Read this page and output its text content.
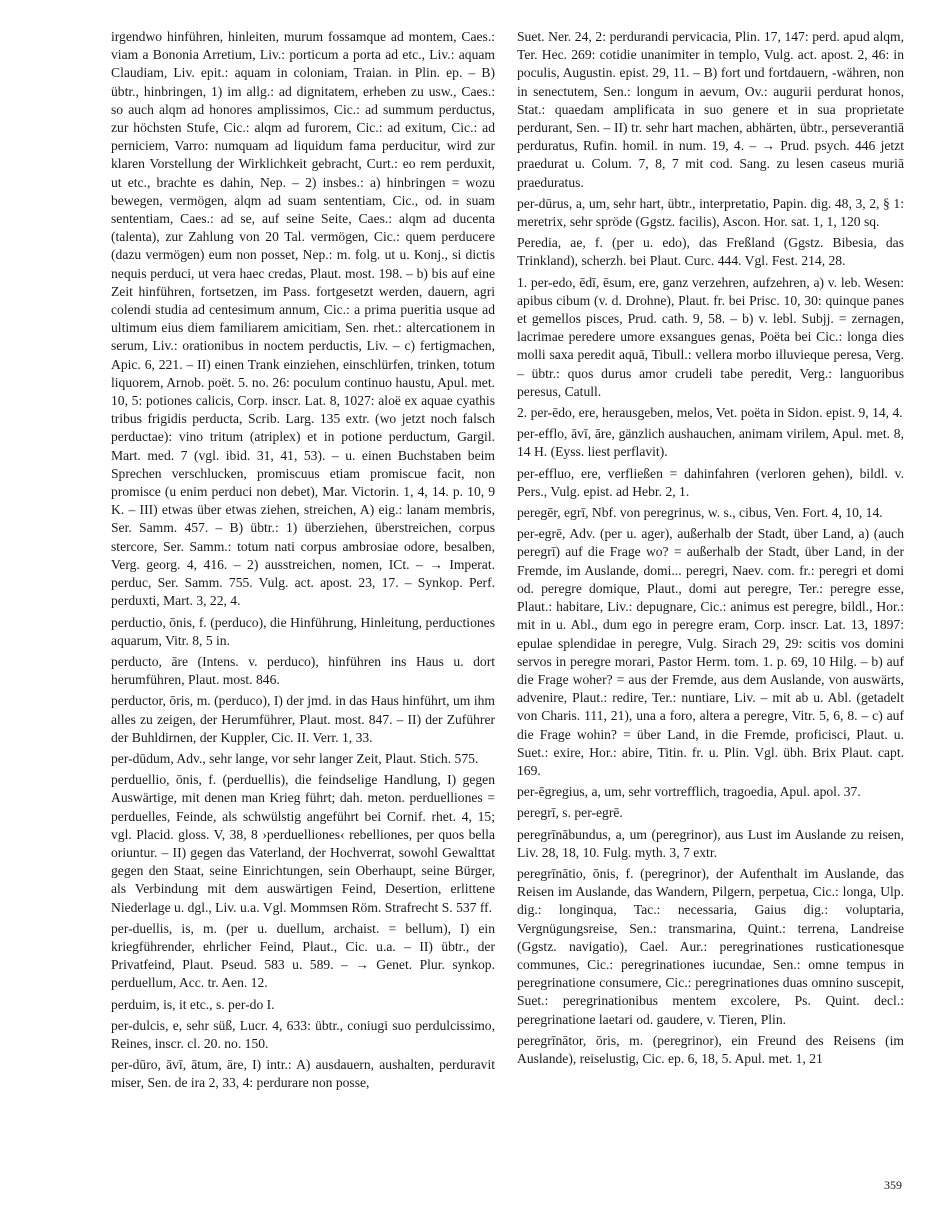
irgendwo hinführen, hinleiten, murum fossamque ad montem, Caes.: viam a Bononia Arretium, Liv.: porticum a porta ad etc., Liv.: aquam Claudiam, Liv. epit.: aquam in coloniam, Traian. in Plin. ep. – B) übtr., hinbringen, 1) im allg.: ad dignitatem, erheben zu usw., Caes.: so auch alqm ad honores amplissimos, Cic.: ad summum perductus, zur höchsten Stufe, Cic.: alqm ad furorem, Cic.: ad exitum, Cic.: ad perniciem, Varro: numquam ad liquidum fama perducitur, wird zur klaren Vorstellung der Wirklichkeit gebracht, Curt.: eo rem perduxit, ut etc., brachte es dahin, Nep. – 2) insbes.: a) hinbringen = wozu bewegen, vermögen, alqm ad suam sententiam, Cic., od. in suam sententiam, Caes.: ad se, auf seine Seite, Caes.: alqm ad ducenta (talenta), zur Zahlung von 20 Tal. vermögen, Cic.: quem perducere (dazu vermögen) eum non posset, Nep.: m. folg. ut u. Konj., si dictis nequis perduci, ut vera haec credas, Plaut. most. 198. – b) bis auf eine Zeit hinführen, fortsetzen, im Pass. fortgesetzt werden, dauern, agri colendi studia ad centesimum annum, Cic.: a prima pueritia usque ad ultimum eius diem familiarem amicitiam, Sen. rhet.: altercationem in serum, Liv.: orationibus in noctem perductis, Liv. – c) fertigmachen, Apic. 6, 221. – II) einen Trank einziehen, einschlürfen, trinken, totum liquorem, Arnob. poët. 5. no. 26: poculum continuo haustu, Apul. met. 10, 5: potiones calicis, Corp. inscr. Lat. 8, 1027: aloë ex aquae cyathis tribus frigidis perducta, Scrib. Larg. 135 extr. (wo jetzt noch falsch perductae): vino tritum (atriplex) et in potione perductum, Gargil. Mart. med. 7 (vgl. ibid. 31, 41, 53). – u. einen Buchstaben beim Sprechen verschlucken, promiscuus etiam promiscue facit, non promisce (u enim perduci non debet), Mar. Victorin. 1, 4, 14. p. 10, 9 K. – III) etwas über etwas ziehen, streichen, A) eig.: lanam membris, Ser. Samm. 457. – B) übtr.: 1) überziehen, überstreichen, corpus stercore, Ser. Samm.: totum nati corpus ambrosiae odore, besalben, Verg. georg. 4, 416. – 2) ausstreichen, nomen, ICt. – → Imperat. perduc, Ser. Samm. 755. Vulg. act. apost. 23, 17. – Synkop. Perf. perduxti, Mart. 3, 22, 4.

perductio, ōnis, f. (perduco), die Hinführung, Hinleitung, perductiones aquarum, Vitr. 8, 5 in.

perducto, āre (Intens. v. perduco), hinführen ins Haus u. dort herumführen, Plaut. most. 846.

perductor, ōris, m. (perduco), I) der jmd. in das Haus hinführt, um ihm alles zu zeigen, der Herumführer, Plaut. most. 847. – II) der Zuführer der Buhldirnen, der Kuppler, Cic. II. Verr. 1, 33.

per-dūdum, Adv., sehr lange, vor sehr langer Zeit, Plaut. Stich. 575.

perduellio, ōnis, f. (perduellis), die feindselige Handlung, I) gegen Auswärtige, mit denen man Krieg führt; dah. meton. perduelliones = perduelles, Feinde, als schwülstig angeführt bei Cornif. rhet. 4, 15; vgl. Placid. gloss. V, 38, 8 ›perduelliones‹ rebelliones, per quos bella oriuntur. – II) gegen das Vaterland, der Hochverrat, sowohl Gewalttat gegen den Staat, seine Einrichtungen, sein Oberhaupt, seine Bürger, als Verbindung mit dem auswärtigen Feind, Desertion, erlittene Niederlage u. dgl., Liv. u.a. Vgl. Mommsen Röm. Strafrecht S. 537 ff.

per-duellis, is, m. (per u. duellum, archaist. = bellum), I) ein kriegführender, ehrlicher Feind, Plaut., Cic. u.a. – II) übtr., der Privatfeind, Plaut. Pseud. 583 u. 589. – → Genet. Plur. synkop. perduellum, Acc. tr. Aen. 12.

perduim, is, it etc., s. per-do I.

per-dulcis, e, sehr süß, Lucr. 4, 633: übtr., coniugi suo perdulcissimo, Reines, inscr. cl. 20. no. 150.

per-dūro, āvī, ātum, āre, I) intr.: A) ausdauern, aushalten, perduravit miser, Sen. de ira 2, 33, 4: perdurare non posse,

Suet. Ner. 24, 2: perdurandi pervicacia, Plin. 17, 147: perd. apud alqm, Ter. Hec. 269: cotidie unanimiter in templo, Vulg. act. apost. 2, 46: in poculis, Augustin. epist. 29, 11. – B) fort und fortdauern, -währen, non in senectutem, Sen.: longum in aevum, Ov.: augurii perdurat honos, Stat.: quaedam amplificata in suo genere et in sua proprietate perdurant, Sen. – II) tr. sehr hart machen, abhärten, übtr., perseverantiā perduratus, Rufin. homil. in num. 19, 4. – → Prud. psych. 446 jetzt praedurat u. Colum. 7, 8, 7 mit cod. Sang. zu lesen caseus muriā praeduratus.

per-dūrus, a, um, sehr hart, übtr., interpretatio, Papin. dig. 48, 3, 2, § 1: meretrix, sehr spröde (Ggstz. facilis), Ascon. Hor. sat. 1, 1, 120 sq.

Peredia, ae, f. (per u. edo), das Freßland (Ggstz. Bibesia, das Trinkland), scherzh. bei Plaut. Curc. 444. Vgl. Fest. 214, 28.

1. per-edo, ēdī, ēsum, ere, ganz verzehren, aufzehren, a) v. leb. Wesen: apibus cibum (v. d. Drohne), Plaut. fr. bei Prisc. 10, 30: quinque panes et gemellos pisces, Prud. cath. 9, 58. – b) v. lebl. Subjj. = zernagen, lacrimae peredere umore exsangues genas, Poëta bei Cic.: longa dies molli saxa peredit aquā, Tibull.: vellera morbo illuvieque peresa, Verg. – übtr.: quos durus amor crudeli tabe peredit, Verg.: languoribus peresus, Catull.

2. per-ēdo, ere, herausgeben, melos, Vet. poëta in Sidon. epist. 9, 14, 4.

per-efflo, āvī, āre, gänzlich aushauchen, animam virilem, Apul. met. 8, 14 H. (Eyss. liest perflavit).

per-effluo, ere, verfließen = dahinfahren (verloren gehen), bildl. v. Pers., Vulg. epist. ad Hebr. 2, 1.

peregēr, egrī, Nbf. von peregrinus, w. s., cibus, Ven. Fort. 4, 10, 14.

per-egrē, Adv. (per u. ager), außerhalb der Stadt, über Land, a) (auch peregrī) auf die Frage wo? = außerhalb der Stadt, über Land, in der Fremde, im Auslande, domi... peregri, Naev. com. fr.: peregri et domi od. peregre domique, Plaut., domi aut peregre, Ter.: peregre esse, Plaut.: habitare, Liv.: depugnare, Cic.: animus est peregre, bildl., Hor.: mit in u. Abl., dum ego in peregre eram, Corp. inscr. Lat. 13, 1897: epulae splendidae in peregre, Vulg. Sirach 29, 29: scitis vos domini servos in peregre morari, Pastor Herm. tom. 1. p. 69, 10 Hilg. – b) auf die Frage woher? = aus der Fremde, aus dem Auslande, von auswärts, advenire, Plaut.: redire, Ter.: nuntiare, Liv. – mit ab u. Abl. (getadelt von Charis. 111, 21), una a foro, altera a peregre, Vitr. 5, 6, 8. – c) auf die Frage wohin? = über Land, in die Fremde, proficisci, Plaut. u. Suet.: exire, Hor.: abire, Titin. fr. u. Plin. Vgl. übh. Brix Plaut. capt. 169.

per-ēgregius, a, um, sehr vortrefflich, tragoedia, Apul. apol. 37.

peregrī, s. per-egrē.

peregrīnābundus, a, um (peregrinor), aus Lust im Auslande zu reisen, Liv. 28, 18, 10. Fulg. myth. 3, 7 extr.

peregrīnātio, ōnis, f. (peregrinor), der Aufenthalt im Auslande, das Reisen im Auslande, das Wandern, Pilgern, perpetua, Cic.: longa, Ulp. dig.: longinqua, Tac.: necessaria, Gaius dig.: voluptaria, Vergnügungsreise, Sen.: transmarina, Quint.: terrena, Landreise (Ggstz. navigatio), Cael. Aur.: peregrinationes rusticationesque communes, Cic.: peregrinationes iucundae, Sen.: omne tempus in peregrinatione consumere, Cic.: peregrinationes duas omnino suscepit, Suet.: peregrinationibus mentem excolere, Ps. Quint. decl.: peregrinatione laetari od. gaudere, v. Tieren, Plin.

peregrīnātor, ōris, m. (peregrinor), ein Freund des Reisens (im Auslande), reiselustig, Cic. ep. 6, 18, 5. Apul. met. 1, 21

359
